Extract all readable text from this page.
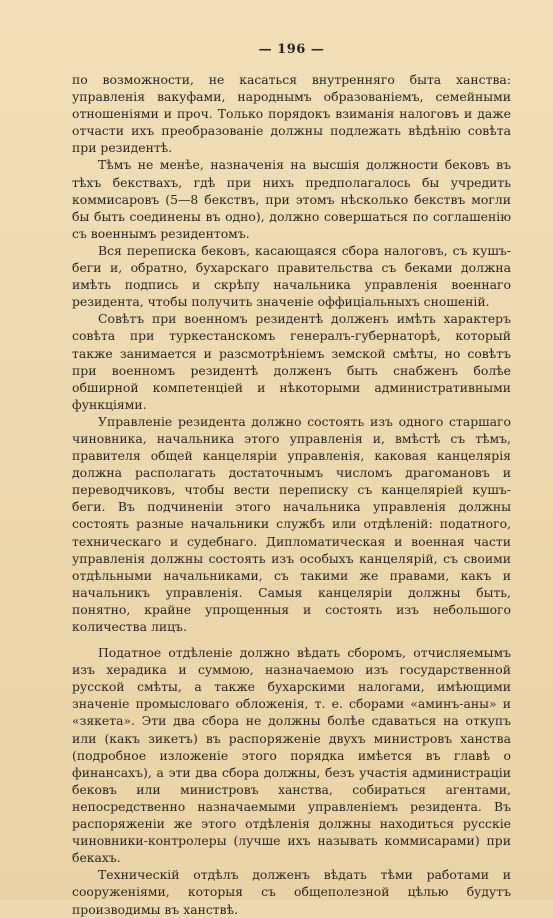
— 196 —

по возможности, не касаться внутренняго быта ханства: управленія вакуфами, народнымъ образованіемъ, семейными отношеніями и проч. Только порядокъ взиманія налоговъ и даже отчасти ихъ преобразованіе должны подлежать вѣдѣнію совѣта при резидентѣ.

Тѣмъ не менѣе, назначенія на высшія должности бековъ въ тѣхъ бекствахъ, гдѣ при нихъ предполагалось бы учредить коммисаровъ (5—8 бекствъ, при этомъ нѣсколько бекствъ могли бы быть соединены въ одно), должно совершаться по соглашенію съ военнымъ резидентомъ.

Вся переписка бековъ, касающаяся сбора налоговъ, съ кушъ-беги и, обратно, бухарскаго правительства съ беками должна имѣть подпись и скрѣпу начальника управленія военнаго резидента, чтобы получить значеніе оффиціальныхъ сношеній.

Совѣтъ при военномъ резидентѣ долженъ имѣть характеръ совѣта при туркестанскомъ генералъ-губернаторѣ, который также занимается и разсмотрѣніемъ земской смѣты, но совѣтъ при военномъ резидентѣ долженъ быть снабженъ болѣе обширной компетенціей и нѣкоторыми административными функціями.

Управленіе резидента должно состоять изъ одного старшаго чиновника, начальника этого управленія и, вмѣстѣ съ тѣмъ, правителя общей канцеляріи управленія, каковая канцелярія должна располагать достаточнымъ числомъ драгомановъ и переводчиковъ, чтобы вести переписку съ канцеляріей кушъ-беги. Въ подчиненіи этого начальника управленія должны состоять разные начальники службъ или отдѣленій: податного, техническаго и судебнаго. Дипломатическая и военная части управленія должны состоять изъ особыхъ канцелярій, съ своими отдѣльными начальниками, съ такими же правами, какъ и начальникъ управленія. Самыя канцеляріи должны быть, понятно, крайне упрощенныя и состоять изъ небольшого количества лицъ.

Податное отдѣленіе должно вѣдать сборомъ, отчисляемымъ изъ херадика и суммою, назначаемою изъ государственной русской смѣты, а также бухарскими налогами, имѣющими значеніе промысловаго обложенія, т. е. сборами «аминъ-аны» и «зякета». Эти два сбора не должны болѣе сдаваться на откупъ или (какъ зикетъ) въ распоряженіе двухъ министровъ ханства (подробное изложеніе этого порядка имѣется въ главѣ о финансахъ), а эти два сбора должны, безъ участія администраціи бековъ или министровъ ханства, собираться агентами, непосредственно назначаемыми управленіемъ резидента. Въ распоряженіи же этого отдѣленія должны находиться русскіе чиновники-контролеры (лучше ихъ называть коммисарами) при бекахъ.

Техническій отдѣлъ долженъ вѣдать тѣми работами и сооруженіями, которыя съ общеполезной цѣлью будутъ производимы въ ханствѣ.
